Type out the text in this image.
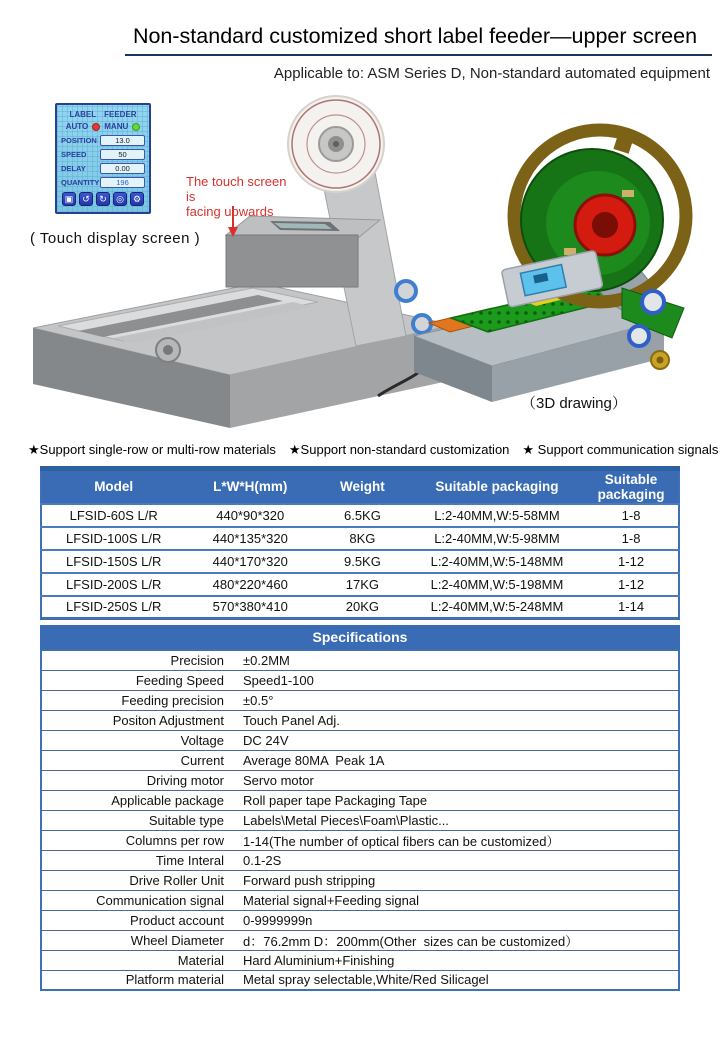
Non-standard customized short label feeder—upper screen
Applicable to: ASM Series D, Non-standard automated equipment
LABEL FEEDER
AUTO MANU
POSITION	13.0
SPEED	50
DELAY	0.00
QUANTITY	196
▣ ↺	↻	◎	⚙
( Touch display screen )
The touch screen is
facing upwards
（3D drawing）
★Support single-row or multi-row materials ★Support non-standard customization ★ Support communication signals
Model	L*W*H(mm)	Weight	Suitable packaging	Suitable packaging
LFSID-60S L/R	440*90*320	6.5KG	L:2-40MM,W:5-58MM	1-8
LFSID-100S L/R	440*135*320	8KG	L:2-40MM,W:5-98MM	1-8
LFSID-150S L/R	440*170*320	9.5KG	L:2-40MM,W:5-148MM	1-12
LFSID-200S L/R	480*220*460	17KG	L:2-40MM,W:5-198MM	1-12
LFSID-250S L/R	570*380*410	20KG	L:2-40MM,W:5-248MM	1-14
Specifications
Precision	±0.2MM
Feeding Speed	Speed1-100
Feeding precision	±0.5°
Positon Adjustment	Touch Panel Adj.
Voltage	DC 24V
Current	Average 80MA  Peak 1A
Driving motor	Servo motor
Applicable package	Roll paper tape Packaging Tape
Suitable type	Labels\Metal Pieces\Foam\Plastic...
Columns per row	1-14(The number of optical fibers can be customized）
Time Interal	0.1-2S
Drive Roller Unit	Forward push stripping
Communication signal	Material signal+Feeding signal
Product account	0-9999999n
Wheel Diameter	d：76.2mm D：200mm(Other  sizes can be customized）
Material	Hard Aluminium+Finishing
Platform material	Metal spray selectable,White/Red Silicagel
